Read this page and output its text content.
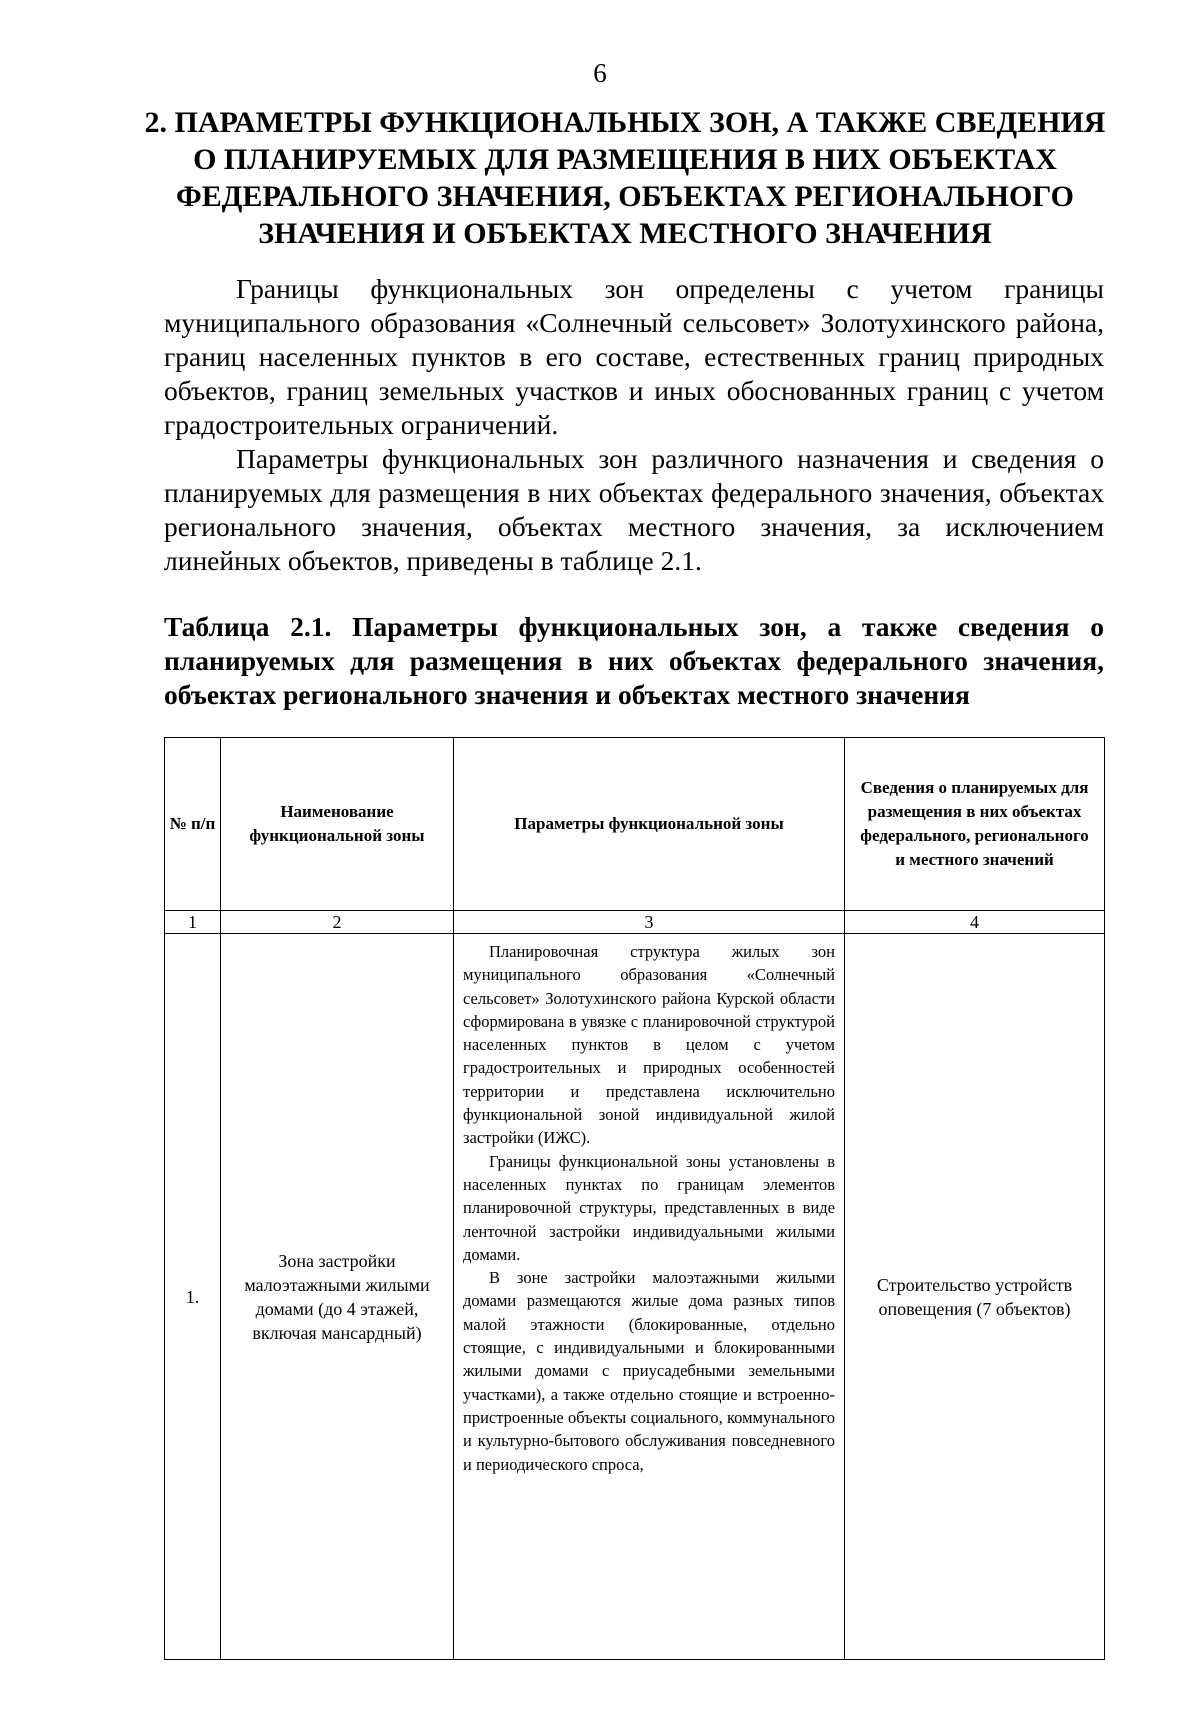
6
2. ПАРАМЕТРЫ ФУНКЦИОНАЛЬНЫХ ЗОН, А ТАКЖЕ СВЕДЕНИЯ
О ПЛАНИРУЕМЫХ ДЛЯ РАЗМЕЩЕНИЯ В НИХ ОБЪЕКТАХ
ФЕДЕРАЛЬНОГО ЗНАЧЕНИЯ, ОБЪЕКТАХ РЕГИОНАЛЬНОГО
ЗНАЧЕНИЯ И ОБЪЕКТАХ МЕСТНОГО ЗНАЧЕНИЯ

Границы функциональных зон определены с учетом границы муниципального образования «Солнечный сельсовет» Золотухинского района, границ населенных пунктов в его составе, естественных границ природных объектов, границ земельных участков и иных обоснованных границ с учетом градостроительных ограничений.

Параметры функциональных зон различного назначения и сведения о планируемых для размещения в них объектах федерального значения, объектах регионального значения, объектах местного значения, за исключением линейных объектов, приведены в таблице 2.1.

Таблица 2.1. Параметры функциональных зон, а также сведения о планируемых для размещения в них объектах федерального значения, объектах регионального значения и объектах местного значения
№ п/п	Наименование функциональной зоны	Параметры функциональной зоны	Сведения о планируемых для размещения в них объектах федерального, регионального и местного значений
1	2	3	4
1.	Зона застройки малоэтажными жилыми домами (до 4 этажей, включая мансардный)	Планировочная структура жилых зон муниципального образования «Солнечный сельсовет» Золотухинского района Курской области сформирована в увязке с планировочной структурой населенных пунктов в целом с учетом градостроительных и природных особенностей территории и представлена исключительно функциональной зоной индивидуальной жилой застройки (ИЖС).

Границы функциональной зоны установлены в населенных пунктах по границам элементов планировочной структуры, представленных в виде ленточной застройки индивидуальными жилыми домами.

В зоне застройки малоэтажными жилыми домами размещаются жилые дома разных типов малой этажности (блокированные, отдельно стоящие, с индивидуальными и блокированными жилыми домами с приусадебными земельными участками), а также отдельно стоящие и встроенно-пристроенные объекты социального, коммунального и культурно-бытового обслуживания повседневного и периодического спроса,	Строительство устройств оповещения (7 объектов)
